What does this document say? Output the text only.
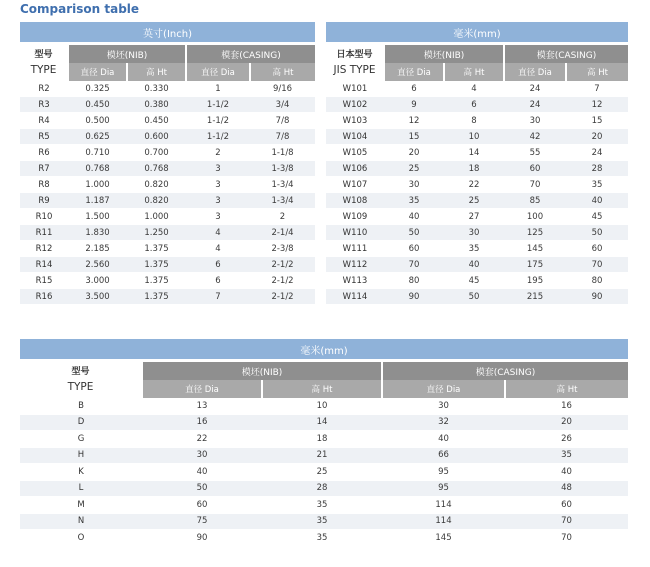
Comparison table
英寸(Inch)				

型号
TYPE	模坯(NIB)		模套(CASING)	
	直径 Dia	高 Ht	直径 Dia	高 Ht
R2	0.325	0.330	1	9/16
R3	0.450	0.380	1-1/2	3/4
R4	0.500	0.450	1-1/2	7/8
R5	0.625	0.600	1-1/2	7/8
R6	0.710	0.700	2	1-1/8
R7	0.768	0.768	3	1-3/8
R8	1.000	0.820	3	1-3/4
R9	1.187	0.820	3	1-3/4
R10	1.500	1.000	3	2
R11	1.830	1.250	4	2-1/4
R12	2.185	1.375	4	2-3/8
R14	2.560	1.375	6	2-1/2
R15	3.000	1.375	6	2-1/2
R16	3.500	1.375	7	2-1/2
毫米(mm)				

日本型号
JIS TYPE	模坯(NIB)		模套(CASING)	
	直径 Dia	高 Ht	直径 Dia	高 Ht
W101	6	4	24	7
W102	9	6	24	12
W103	12	8	30	15
W104	15	10	42	20
W105	20	14	55	24
W106	25	18	60	28
W107	30	22	70	35
W108	35	25	85	40
W109	40	27	100	45
W110	50	30	125	50
W111	60	35	145	60
W112	70	40	175	70
W113	80	45	195	80
W114	90	50	215	90
毫米(mm)				

型号
TYPE	模坯(NIB)		模套(CASING)	
	直径 Dia	高 Ht	直径 Dia	高 Ht
B	13	10	30	16
D	16	14	32	20
G	22	18	40	26
H	30	21	66	35
K	40	25	95	40
L	50	28	95	48
M	60	35	114	60
N	75	35	114	70
O	90	35	145	70
